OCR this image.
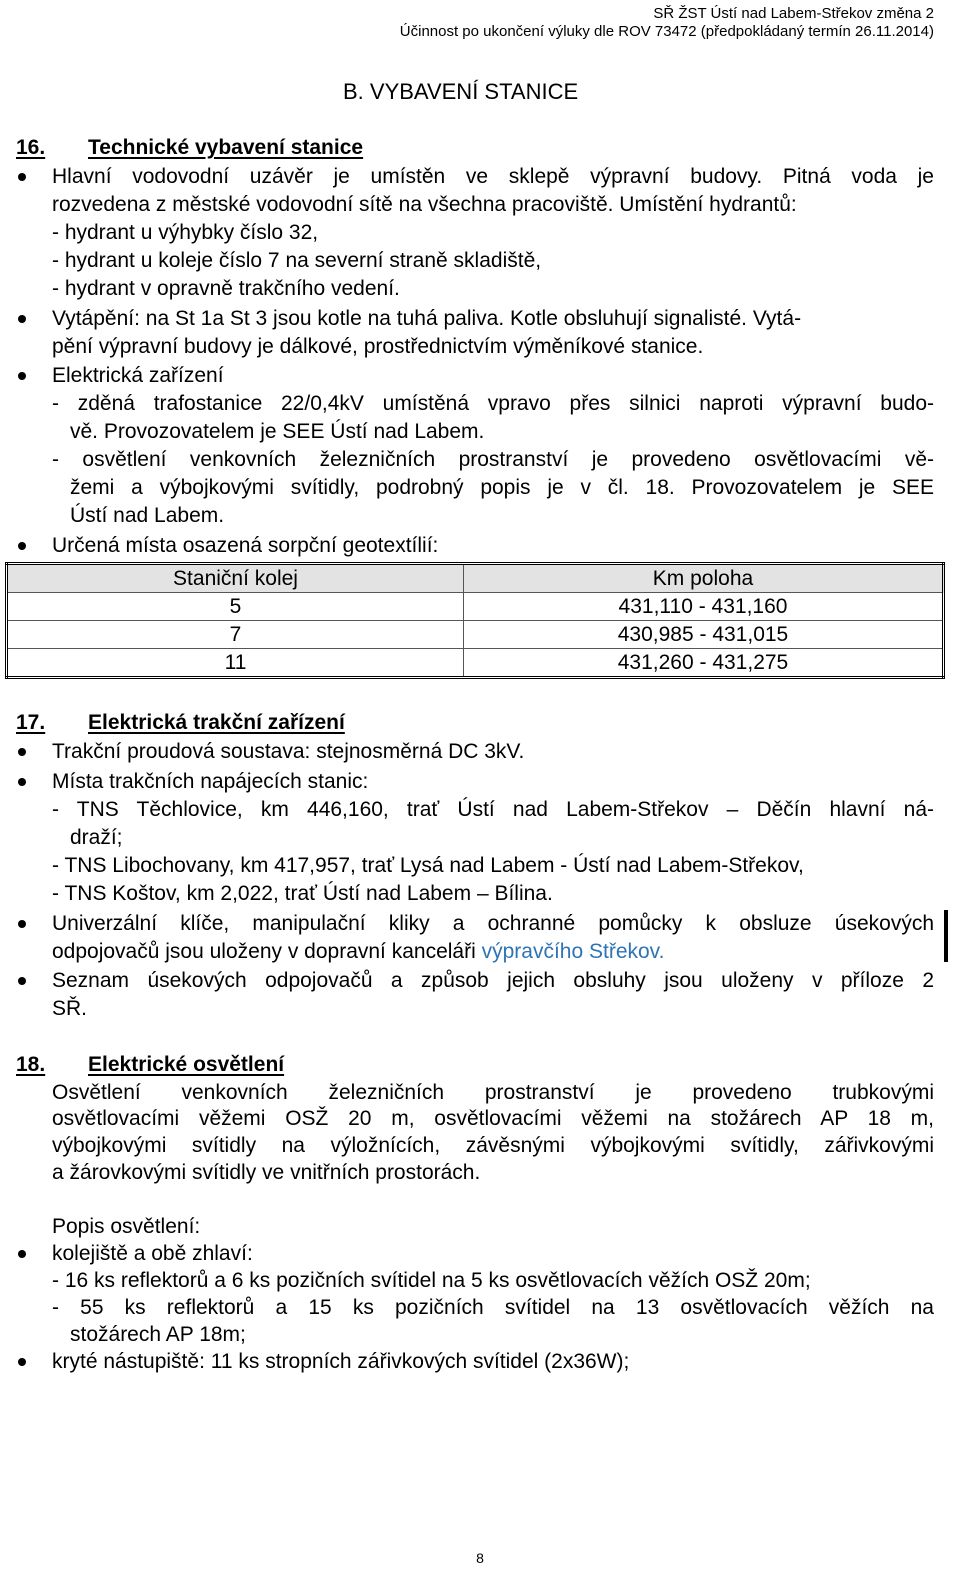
SŘ ŽST Ústí nad Labem-Střekov změna 2
Účinnost po ukončení výluky dle ROV 73472 (předpokládaný termín 26.11.2014)
B. VYBAVENÍ STANICE
16. Technické vybavení stanice
Hlavní vodovodní uzávěr je umístěn ve sklepě výpravní budovy. Pitná voda je
rozvedena z městské vodovodní sítě na všechna pracoviště. Umístění hydrantů:
- hydrant u výhybky číslo 32,
- hydrant u koleje číslo 7 na severní straně skladiště,
- hydrant v opravně trakčního vedení.
Vytápění: na St 1a St 3 jsou kotle na tuhá paliva. Kotle obsluhují signalisté. Vytá-
pění výpravní budovy je dálkové, prostřednictvím výměníkové stanice.
Elektrická zařízení
- zděná trafostanice 22/0,4kV umístěná vpravo přes silnici naproti výpravní budo-
vě. Provozovatelem je SEE Ústí nad Labem.
- osvětlení venkovních železničních prostranství je provedeno osvětlovacími vě-
žemi a výbojkovými svítidly, podrobný popis je v čl. 18. Provozovatelem je SEE
Ústí nad Labem.
Určená místa osazená sorpční geotextílií:
Staniční kolej	Km poloha
5	431,110 - 431,160
7	430,985 - 431,015
11	431,260 - 431,275
17. Elektrická trakční zařízení
Trakční proudová soustava: stejnosměrná DC 3kV.
Místa trakčních napájecích stanic:
- TNS Těchlovice, km 446,160, trať Ústí nad Labem-Střekov – Děčín hlavní ná-
draží;
- TNS Libochovany, km 417,957, trať Lysá nad Labem - Ústí nad Labem-Střekov,
- TNS Koštov, km 2,022, trať Ústí nad Labem – Bílina.
Univerzální klíče, manipulační kliky a ochranné pomůcky k obsluze úsekových
odpojovačů jsou uloženy v dopravní kanceláři výpravčího Střekov.
Seznam úsekových odpojovačů a způsob jejich obsluhy jsou uloženy v příloze 2
SŘ.
18. Elektrické osvětlení
Osvětlení venkovních železničních prostranství je provedeno trubkovými
osvětlovacími věžemi OSŽ 20 m, osvětlovacími věžemi na stožárech AP 18 m,
výbojkovými svítidly na výložnících, závěsnými výbojkovými svítidly, zářivkovými
a žárovkovými svítidly ve vnitřních prostorách.
Popis osvětlení:
kolejiště a obě zhlaví:
- 16 ks reflektorů a 6 ks pozičních svítidel na 5 ks osvětlovacích věžích OSŽ 20m;
- 55 ks reflektorů a 15 ks pozičních svítidel na 13 osvětlovacích věžích na
stožárech AP 18m;
kryté nástupiště: 11 ks stropních zářivkových svítidel (2x36W);
8
